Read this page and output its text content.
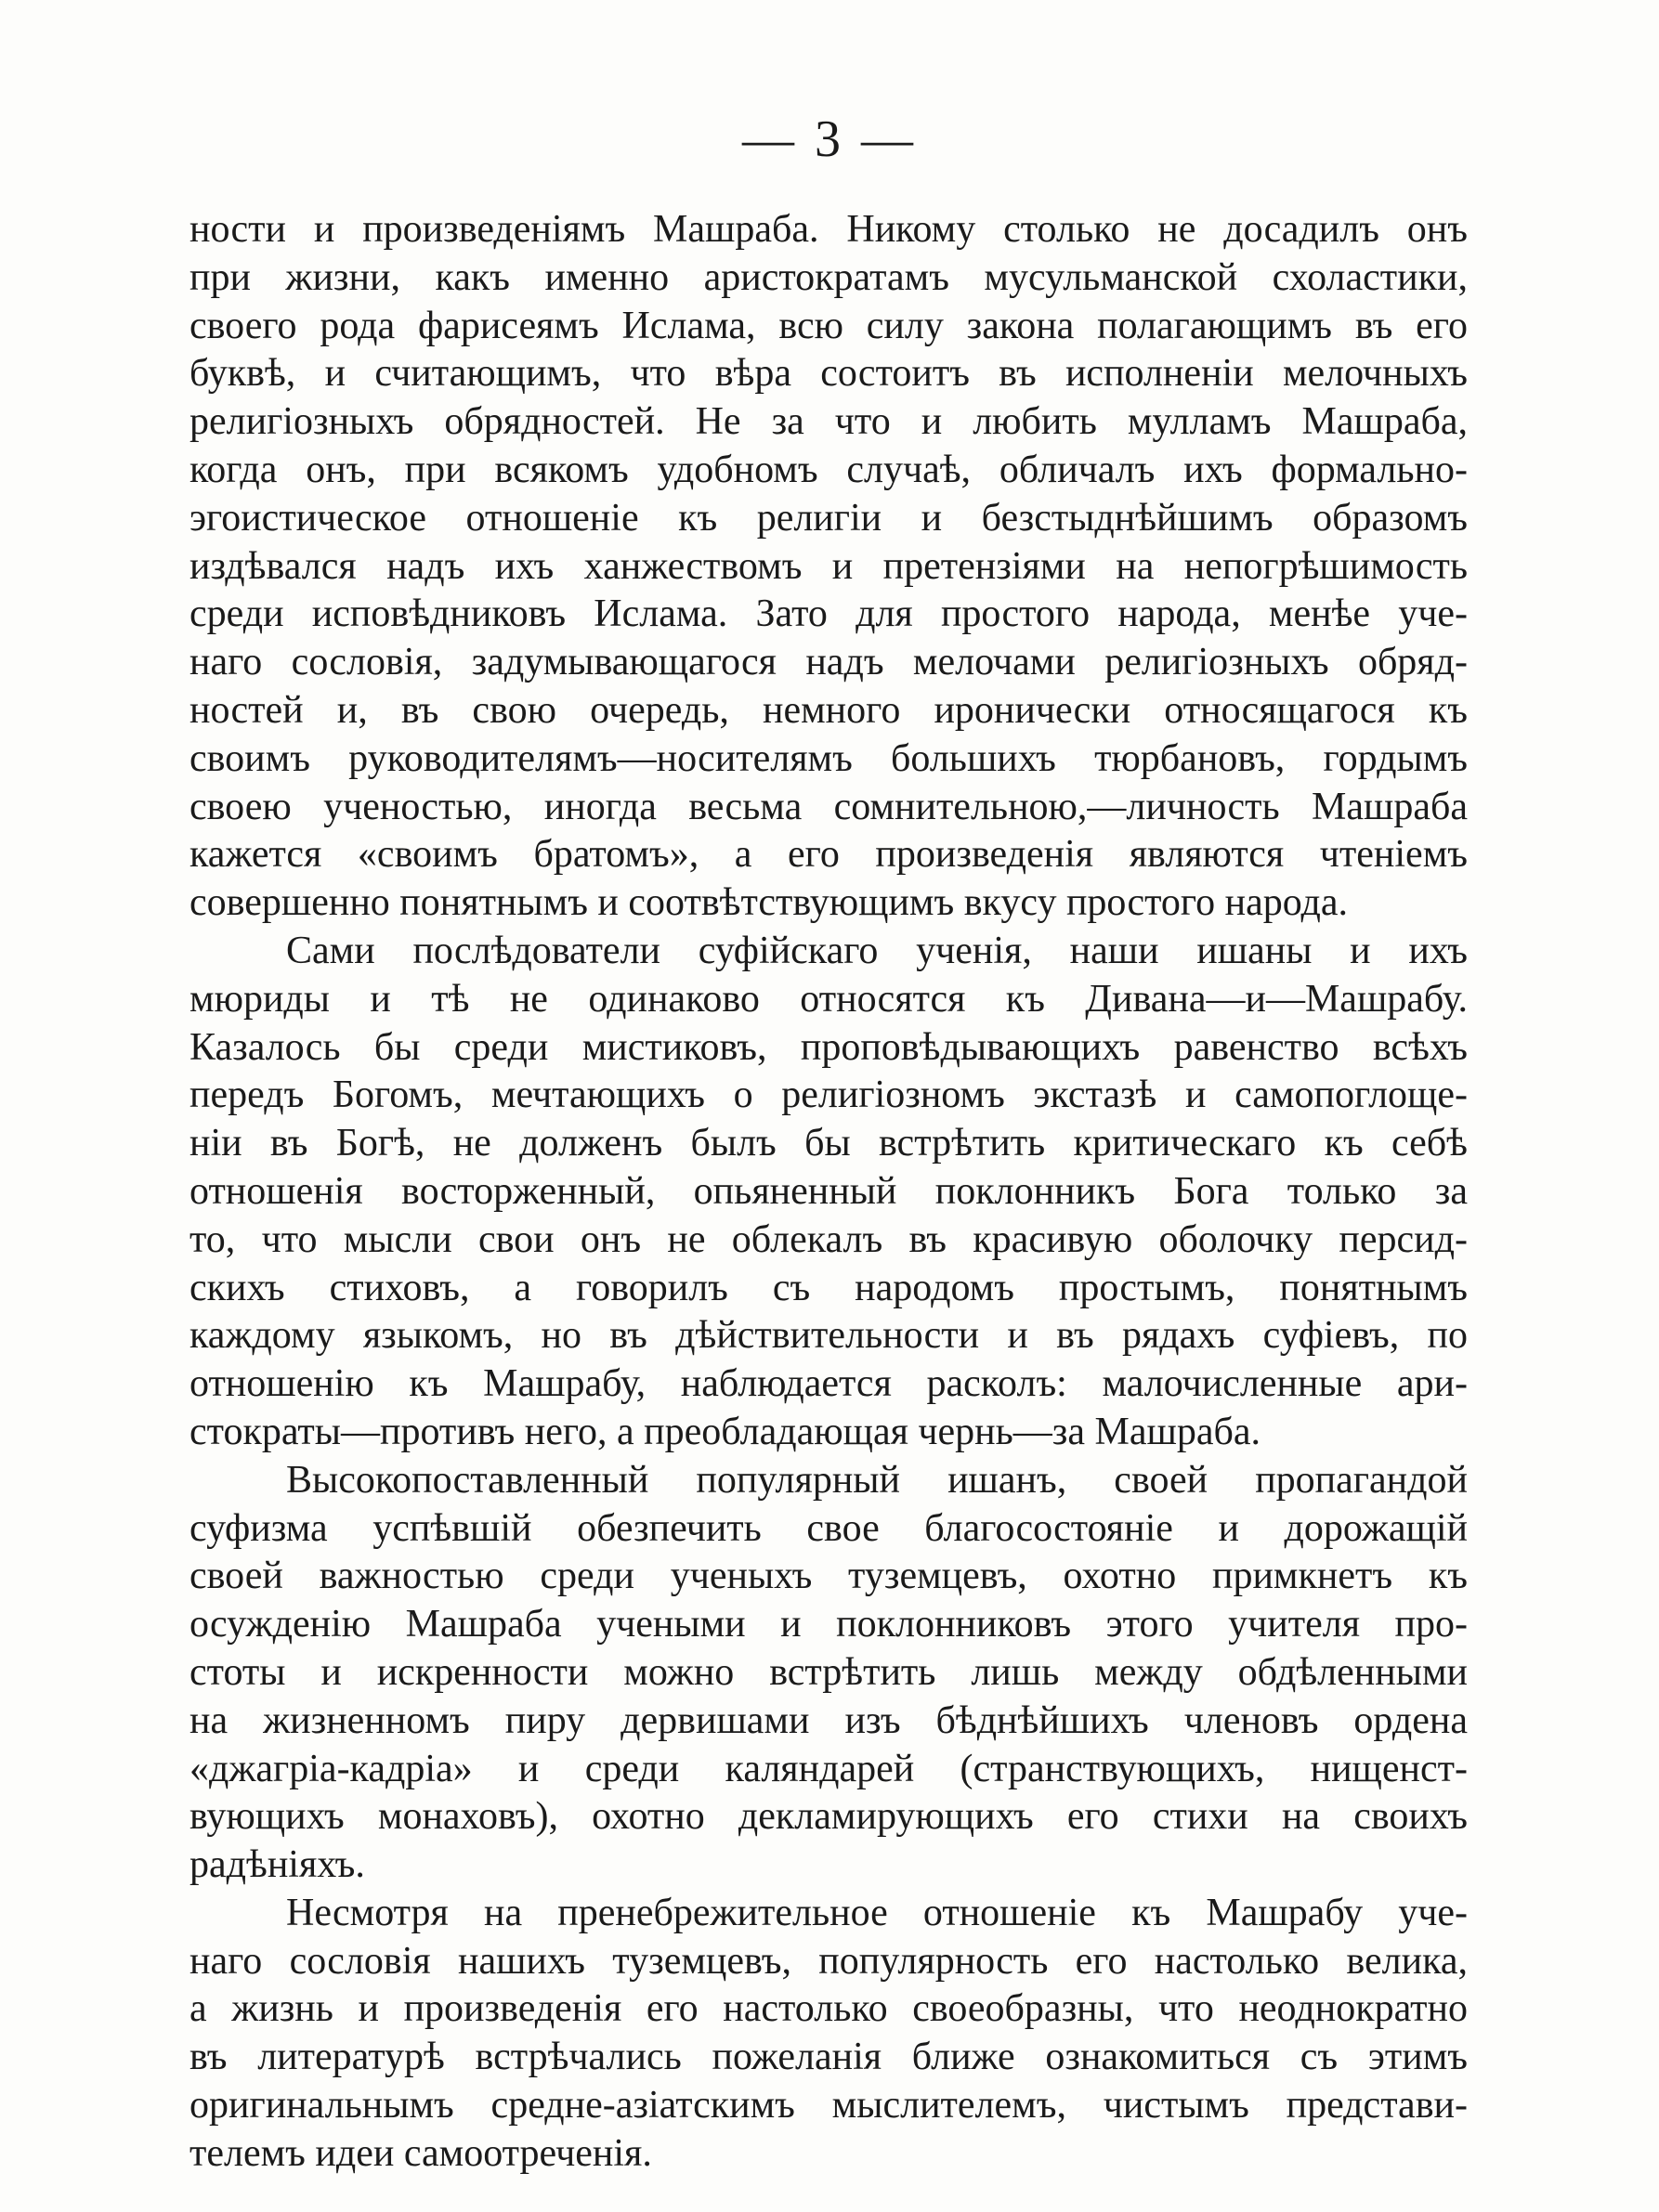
— 3 —
ности и произведеніямъ Машраба. Никому столько не досадилъ онъ
при жизни, какъ именно аристократамъ мусульманской схоластики,
своего рода фарисеямъ Ислама, всю силу закона полагающимъ въ его
буквѣ, и считающимъ, что вѣра состоитъ въ исполненіи мелочныхъ
религіозныхъ обрядностей. Не за что и любить мулламъ Машраба,
когда онъ, при всякомъ удобномъ случаѣ, обличалъ ихъ формально-
эгоистическое отношеніе къ религіи и безстыднѣйшимъ образомъ
издѣвался надъ ихъ ханжествомъ и претензіями на непогрѣшимость
среди исповѣдниковъ Ислама. Зато для простого народа, менѣе уче-
наго сословія, задумывающагося надъ мелочами религіозныхъ обряд-
ностей и, въ свою очередь, немного иронически относящагося къ
своимъ руководителямъ—носителямъ большихъ тюрбановъ, гордымъ
своею ученостью, иногда весьма сомнительною,—личность Машраба
кажется «своимъ братомъ», а его произведенія являются чтеніемъ
совершенно понятнымъ и соотвѣтствующимъ вкусу простого народа.
Сами послѣдователи суфійскаго ученія, наши ишаны и ихъ
мюриды и тѣ не одинаково относятся къ Дивана—и—Машрабу.
Казалось бы среди мистиковъ, проповѣдывающихъ равенство всѣхъ
передъ Богомъ, мечтающихъ о религіозномъ экстазѣ и самопоглоще-
ніи въ Богѣ, не долженъ былъ бы встрѣтить критическаго къ себѣ
отношенія восторженный, опьяненный поклонникъ Бога только за
то, что мысли свои онъ не облекалъ въ красивую оболочку персид-
скихъ стиховъ, а говорилъ съ народомъ простымъ, понятнымъ
каждому языкомъ, но въ дѣйствительности и въ рядахъ суфіевъ, по
отношенію къ Машрабу, наблюдается расколъ: малочисленные ари-
стократы—противъ него, а преобладающая чернь—за Машраба.
Высокопоставленный популярный ишанъ, своей пропагандой
суфизма успѣвшій обезпечить свое благосостояніе и дорожащій
своей важностью среди ученыхъ туземцевъ, охотно примкнетъ къ
осужденію Машраба учеными и поклонниковъ этого учителя про-
стоты и искренности можно встрѣтить лишь между обдѣленными
на жизненномъ пиру дервишами изъ бѣднѣйшихъ членовъ ордена
«джагріа-кадріа» и среди каляндарей (странствующихъ, нищенст-
вующихъ монаховъ), охотно декламирующихъ его стихи на своихъ
радѣніяхъ.
Несмотря на пренебрежительное отношеніе къ Машрабу уче-
наго сословія нашихъ туземцевъ, популярность его настолько велика,
а жизнь и произведенія его настолько своеобразны, что неоднократно
въ литературѣ встрѣчались пожеланія ближе ознакомиться съ этимъ
оригинальнымъ средне-азіатскимъ мыслителемъ, чистымъ представи-
телемъ идеи самоотреченія.
